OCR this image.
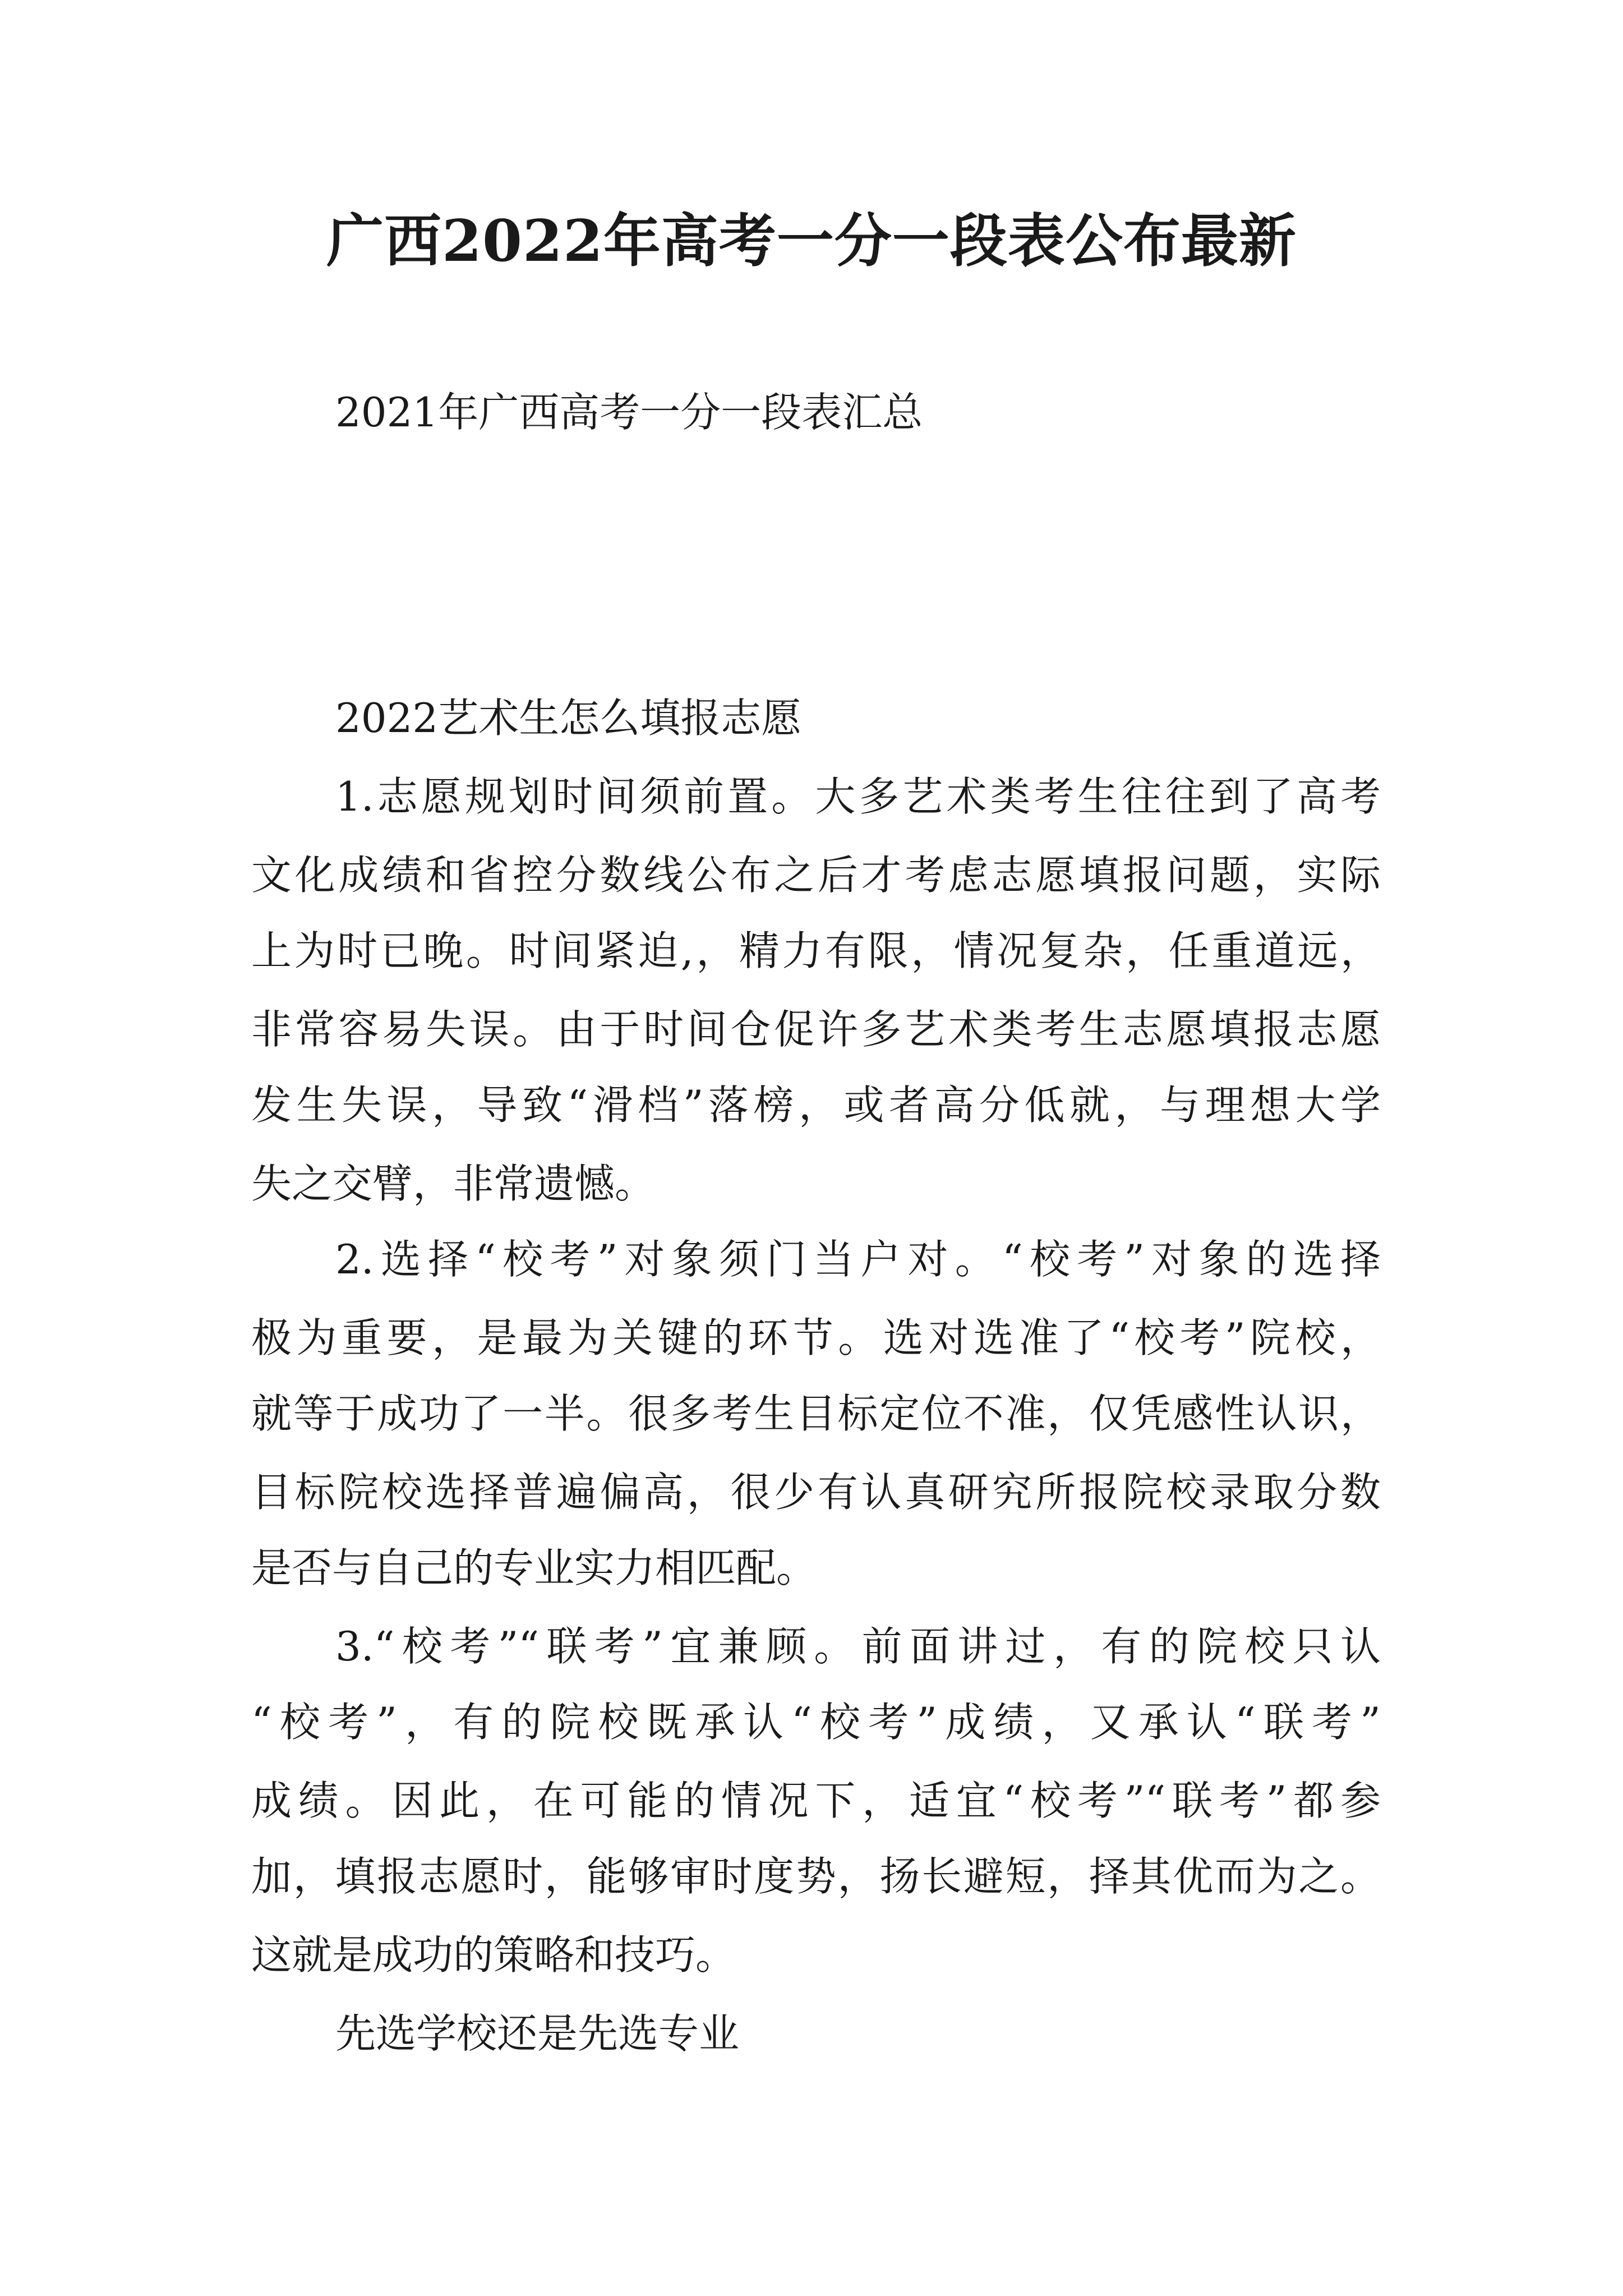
广西2022年高考一分一段表公布最新
2021年广西高考一分一段表汇总
2022艺术生怎么填报志愿
1.志愿规划时间须前置。大多艺术类考生往往到了高考
文化成绩和省控分数线公布之后才考虑志愿填报问题，实际
上为时已晚。时间紧迫,，精力有限，情况复杂，任重道远，
非常容易失误。由于时间仓促许多艺术类考生志愿填报志愿
发生失误，导致“滑档”落榜，或者高分低就，与理想大学
失之交臂，非常遗憾。
2.选择“校考”对象须门当户对。“校考”对象的选择
极为重要，是最为关键的环节。选对选准了“校考”院校，
就等于成功了一半。很多考生目标定位不准，仅凭感性认识，
目标院校选择普遍偏高，很少有认真研究所报院校录取分数
是否与自己的专业实力相匹配。
3.“校考”“联考”宜兼顾。前面讲过，有的院校只认
“校考”，有的院校既承认“校考”成绩，又承认“联考”
成绩。因此，在可能的情况下，适宜“校考”“联考”都参
加，填报志愿时，能够审时度势，扬长避短，择其优而为之。
这就是成功的策略和技巧。
先选学校还是先选专业
